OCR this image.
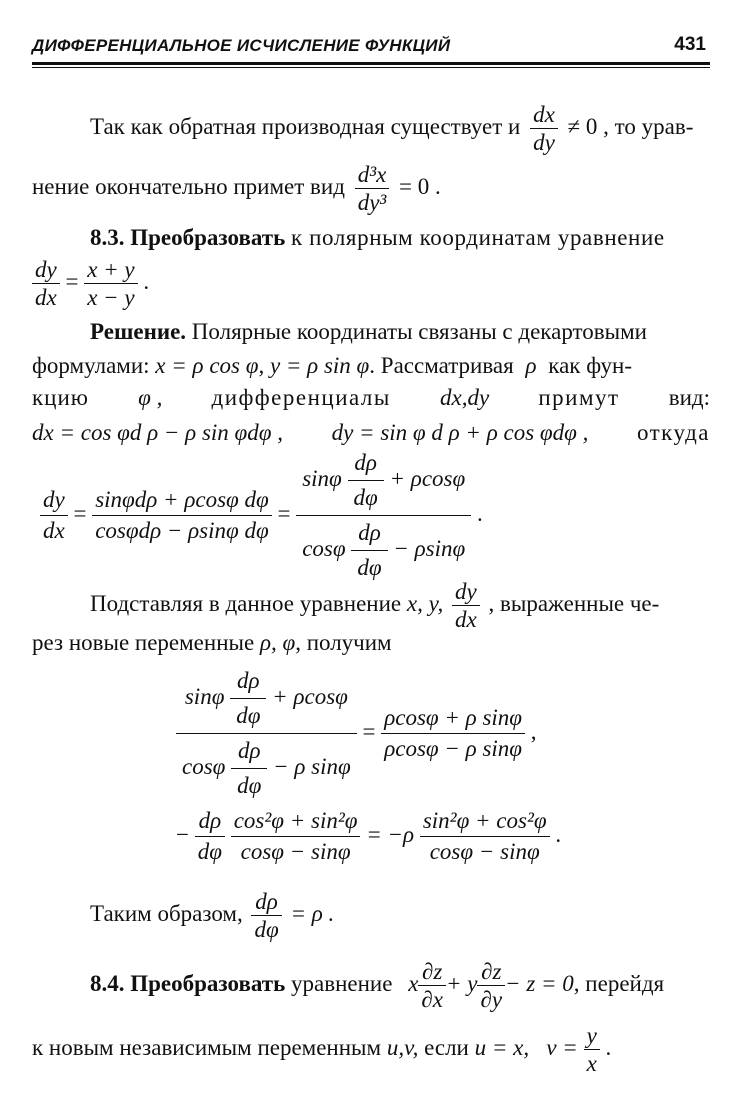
ДИФФЕРЕНЦИАЛЬНОЕ ИСЧИСЛЕНИЕ ФУНКЦИЙ	431
Так как обратная производная существует и $\frac{dx}{dy} \ne 0$ , то урав-
нение окончательно примет вид $\frac{\text{d³x}}{\text{dy³}} = 0$ .
8.3. Преобразовать к полярным координатам уравнение
$\frac{dy}{dx} = \frac{x + y}{x - y}$ .
Решение. Полярные координаты связаны с декартовыми
формулами: x = ρ cos φ, y = ρ sin φ. Рассматривая ρ как фун-
кцию φ , дифференциалы dx,dy примут вид:
dx = cos φd ρ − ρ sin φdφ , dy = sin φ d ρ + ρ cos φdφ , откуда
$\frac{dy}{dx} = \frac{\text{sinφdρ + ρcosφ dφ}}{\text{cosφdρ − ρsinφ dφ}} = \frac{\sin\varphi \frac{d\rho}{d\varphi} + \rho\cos\varphi}{\cos\varphi \frac{d\rho}{d\varphi} - \rho\sin\varphi}$ .
Подставляя в данное уравнение x, y, $\frac{dy}{dx}$ , выраженные че-
рез новые переменные ρ, φ, получим
$\frac{\sin\varphi \frac{d\rho}{d\varphi} + \rho\cos\varphi}{\cos\varphi \frac{d\rho}{d\varphi} - \rho \sin\varphi} = \frac{\text{ρcosφ + ρ sinφ}}{\text{ρcosφ − ρ sinφ}}$ ,
− $\frac{d\rho}{d\varphi}$
$\frac{\text{cos²φ + sin²φ}}{\cos\varphi - \sin\varphi} = -\rho \frac{\text{sin²φ + cos²φ}}{\cos\varphi - \sin\varphi}$ .
Таким образом, $\frac{d\rho}{d\varphi} = \rho$ .
8.4. Преобразовать уравнение x $\frac{\partial z}{\partial x} + y \frac{\partial z}{\partial y} - z = 0$, перейдя
к новым независимым переменным u,v, если u = x,   $v = \frac{y}{x}$ .
